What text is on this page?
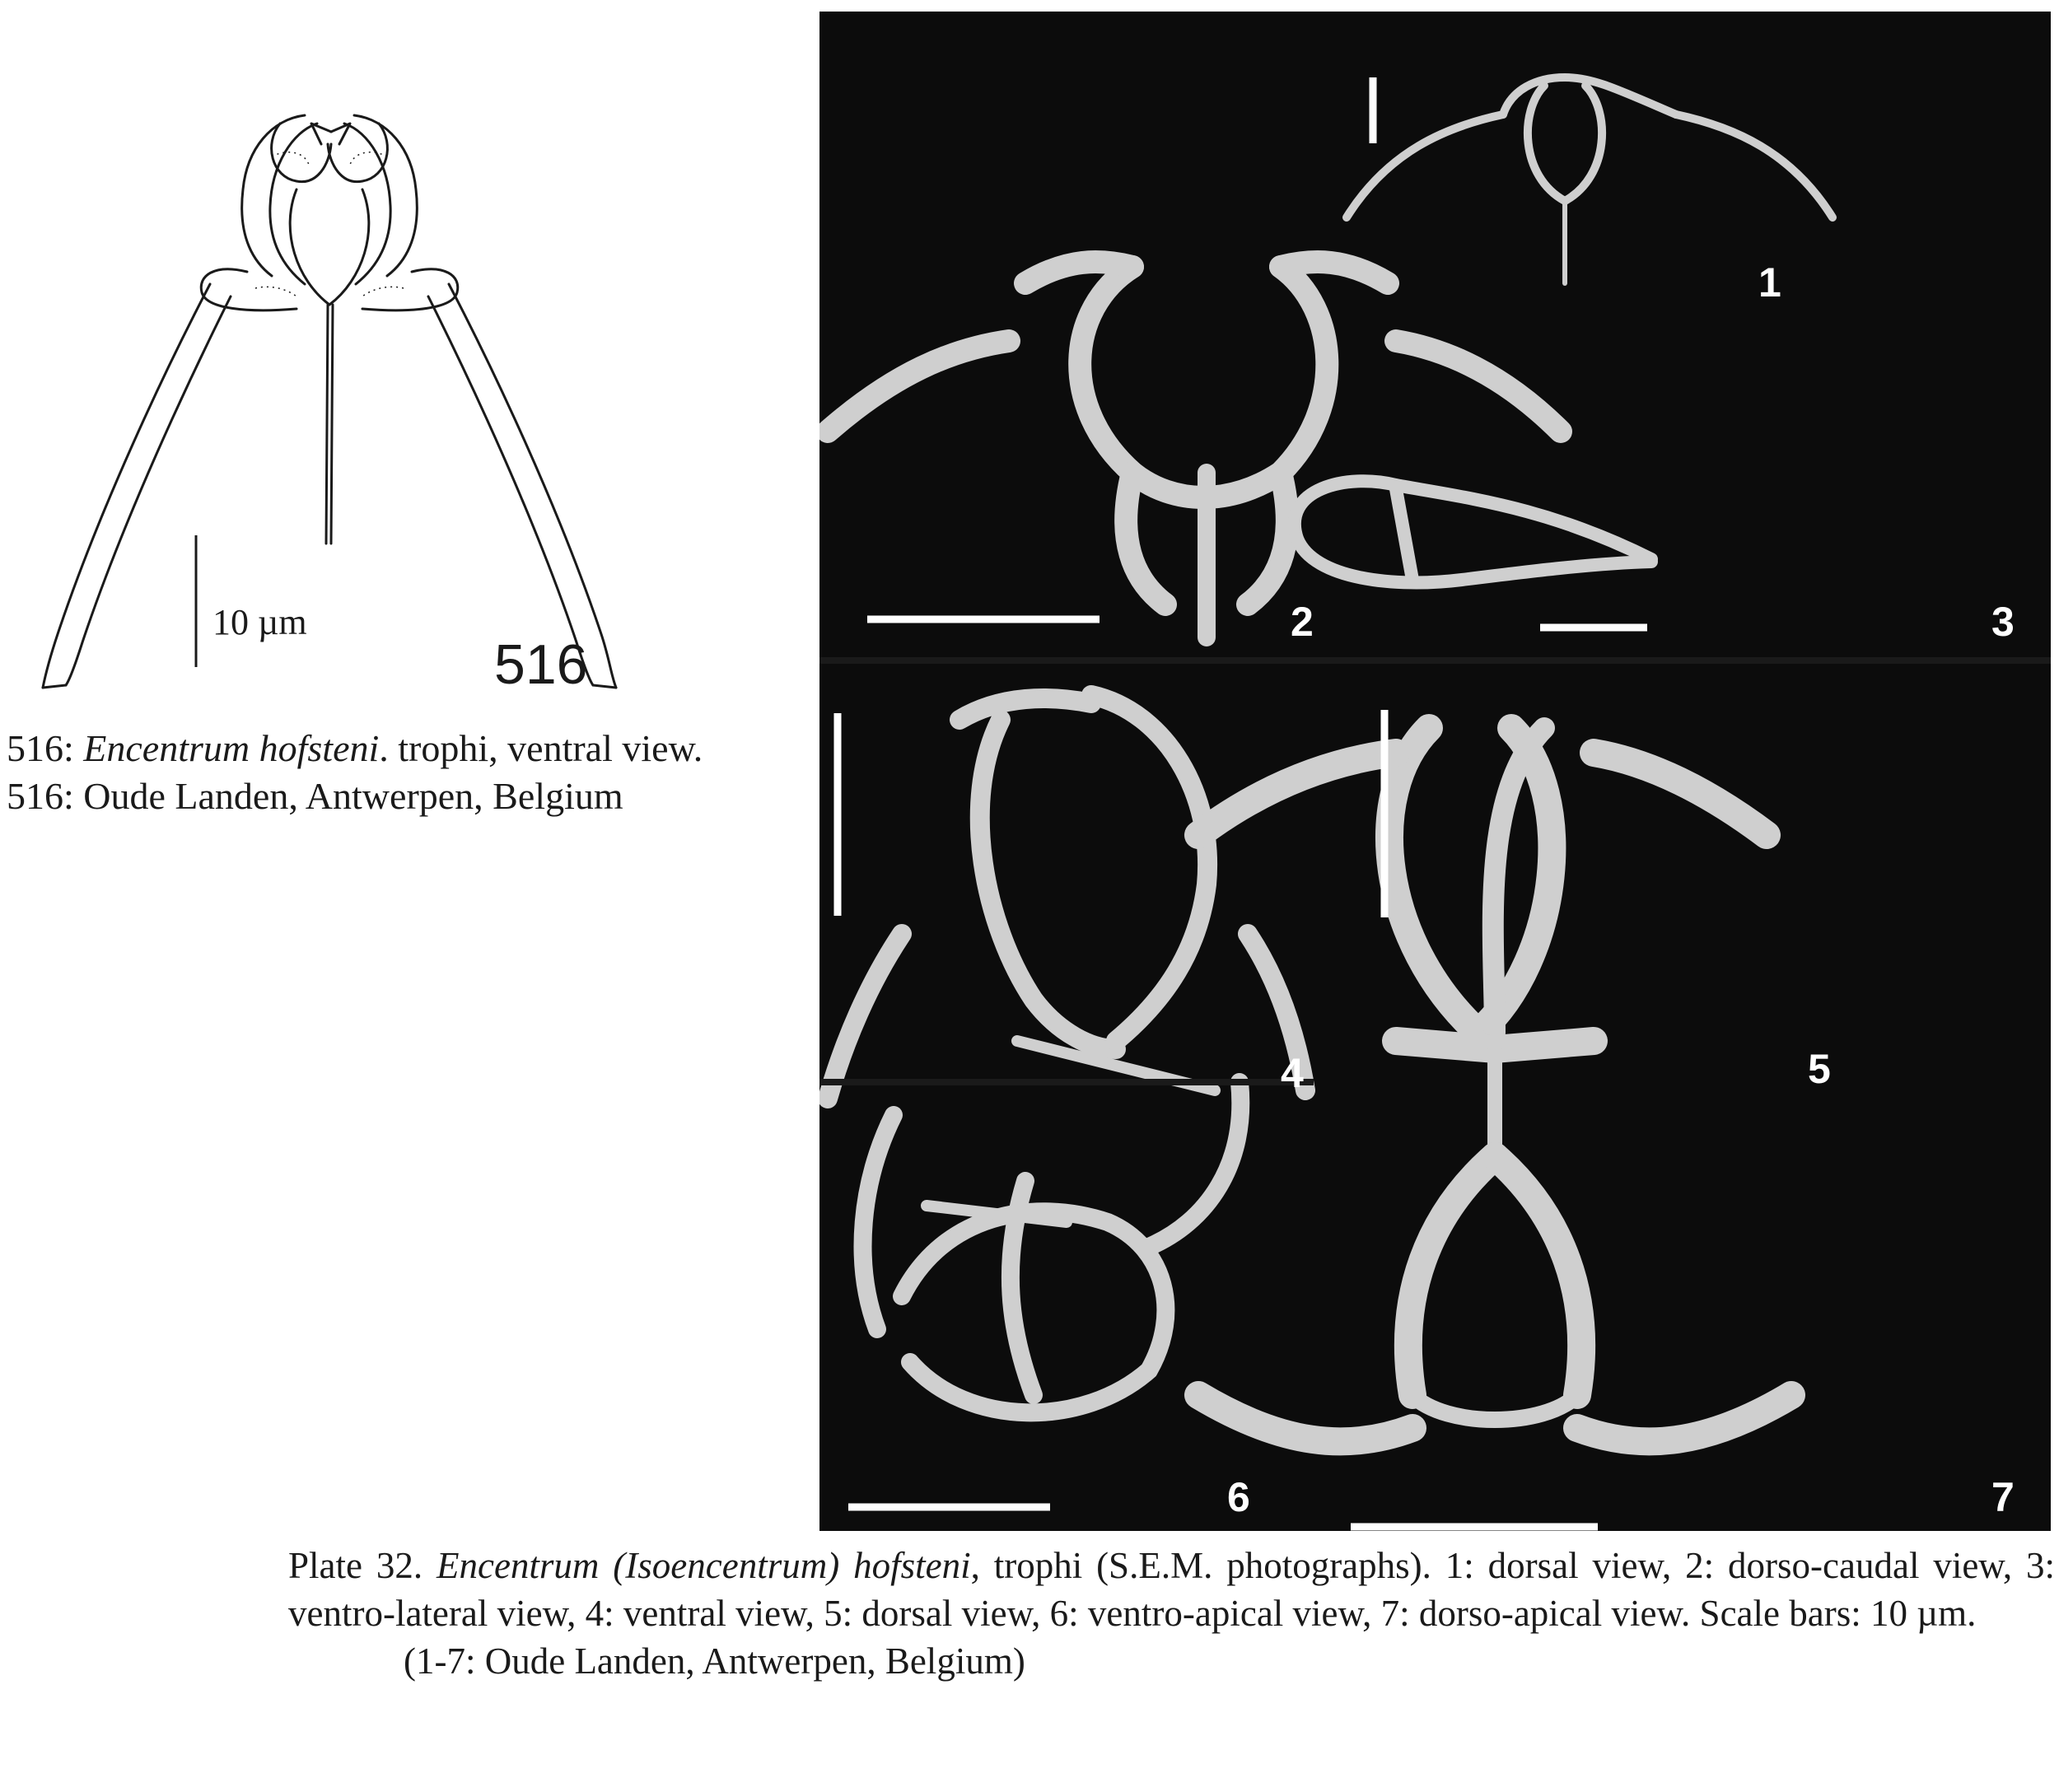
10 µm
516
516: Encentrum hofsteni. trophi, ventral view.
516: Oude Landen, Antwerpen, Belgium
1
2	3
4	5
6	7
Plate 32. Encentrum (Isoencentrum) hofsteni, trophi (S.E.M. photographs). 1: dorsal view, 2: dorso-caudal view, 3: ventro-lateral view, 4: ventral view, 5: dorsal view, 6: ventro-apical view, 7: dorso-apical view. Scale bars: 10 µm.
(1-7: Oude Landen, Antwerpen, Belgium)
